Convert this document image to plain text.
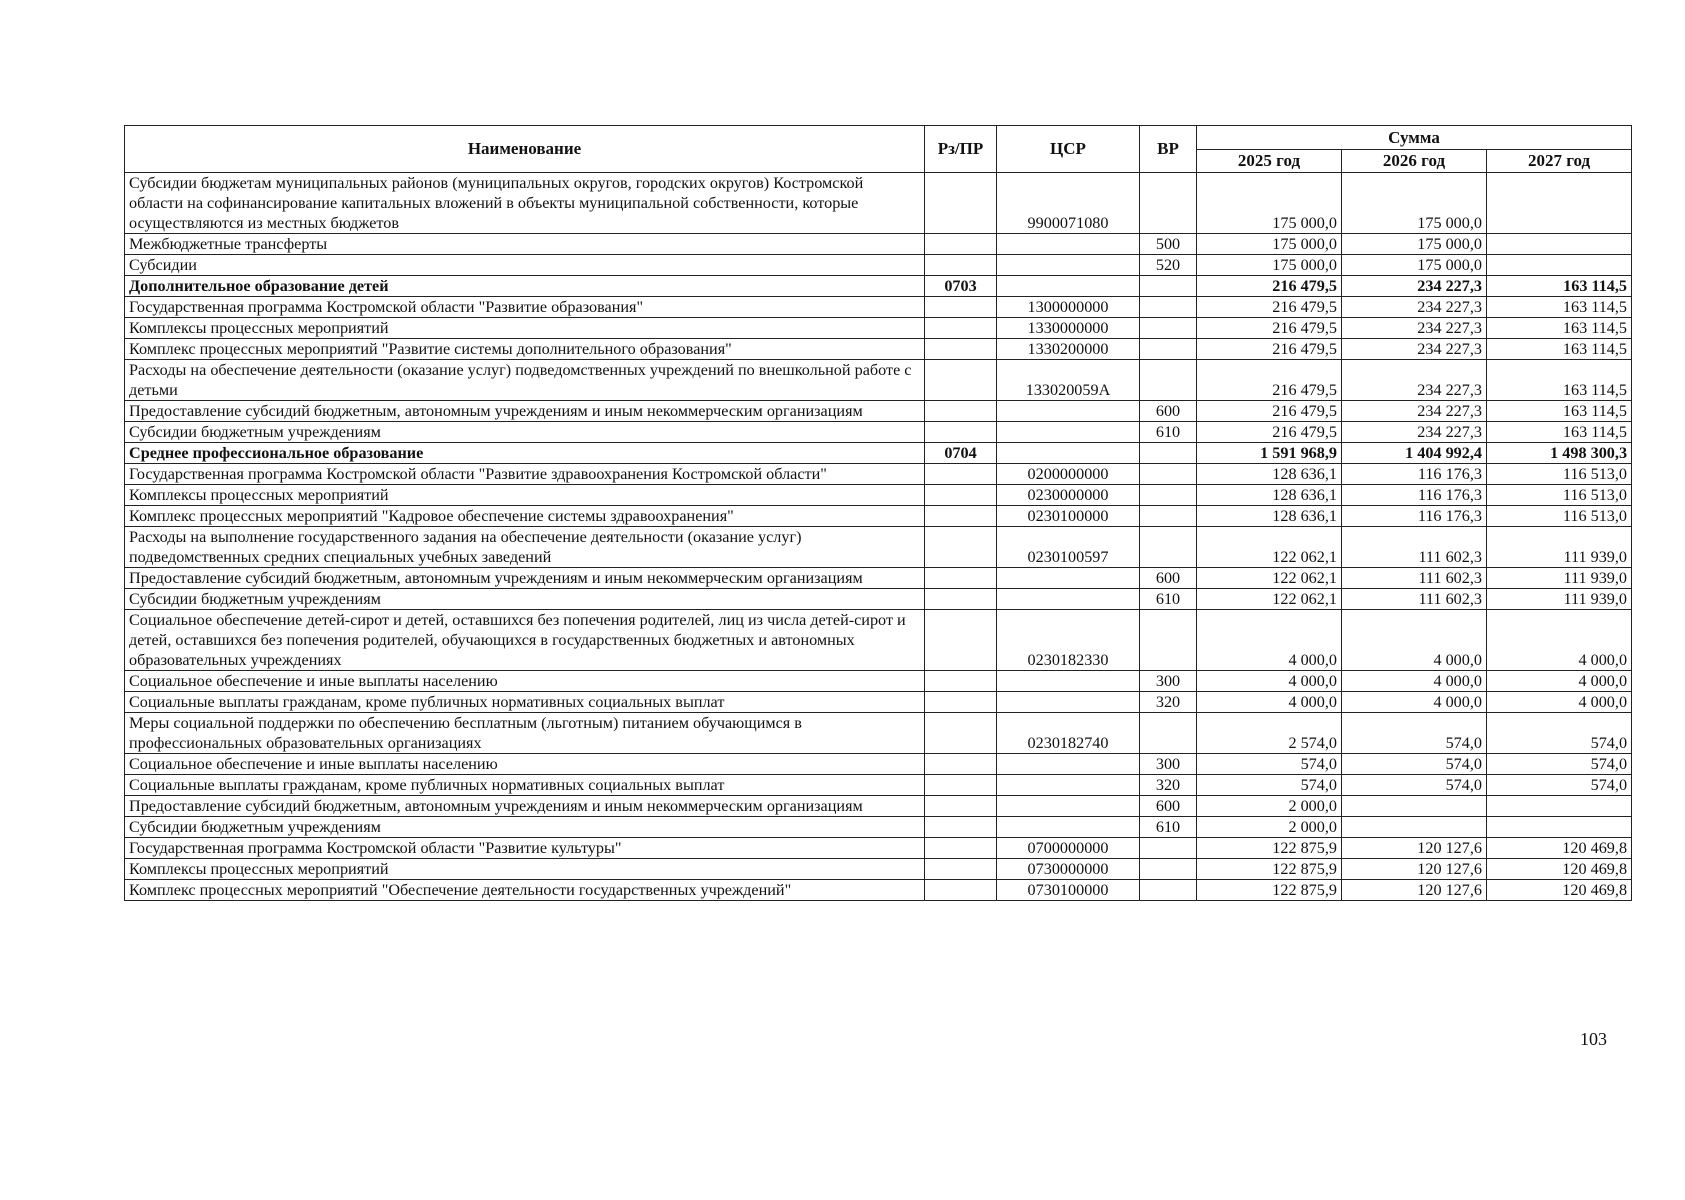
Наименование	Рз/ПР	ЦСР	ВР	Сумма		
				2025 год	2026 год	2027 год
Субсидии бюджетам муниципальных районов (муниципальных округов, городских округов) Костромской области на софинансирование капитальных вложений в объекты муниципальной собственности, которые осуществляются из местных бюджетов		9900071080		175 000,0	175 000,0	
Межбюджетные трансферты			500	175 000,0	175 000,0	
Субсидии			520	175 000,0	175 000,0	
Дополнительное образование детей	0703			216 479,5	234 227,3	163 114,5
Государственная программа Костромской области "Развитие образования"		1300000000		216 479,5	234 227,3	163 114,5
Комплексы процессных мероприятий		1330000000		216 479,5	234 227,3	163 114,5
Комплекс процессных мероприятий "Развитие системы дополнительного образования"		1330200000		216 479,5	234 227,3	163 114,5
Расходы на обеспечение деятельности (оказание услуг) подведомственных учреждений по внешкольной работе с детьми		133020059A		216 479,5	234 227,3	163 114,5
Предоставление субсидий бюджетным, автономным учреждениям и иным некоммерческим организациям			600	216 479,5	234 227,3	163 114,5
Субсидии бюджетным учреждениям			610	216 479,5	234 227,3	163 114,5
Среднее профессиональное образование	0704			1 591 968,9	1 404 992,4	1 498 300,3
Государственная программа Костромской области "Развитие здравоохранения Костромской области"		0200000000		128 636,1	116 176,3	116 513,0
Комплексы процессных мероприятий		0230000000		128 636,1	116 176,3	116 513,0
Комплекс процессных мероприятий "Кадровое обеспечение системы здравоохранения"		0230100000		128 636,1	116 176,3	116 513,0
Расходы на выполнение государственного задания на обеспечение деятельности (оказание услуг) подведомственных средних специальных учебных заведений		0230100597		122 062,1	111 602,3	111 939,0
Предоставление субсидий бюджетным, автономным учреждениям и иным некоммерческим организациям			600	122 062,1	111 602,3	111 939,0
Субсидии бюджетным учреждениям			610	122 062,1	111 602,3	111 939,0
Социальное обеспечение детей-сирот и детей, оставшихся без попечения родителей, лиц из числа детей-сирот и детей, оставшихся без попечения родителей, обучающихся в государственных бюджетных и автономных образовательных учреждениях		0230182330		4 000,0	4 000,0	4 000,0
Социальное обеспечение и иные выплаты населению			300	4 000,0	4 000,0	4 000,0
Социальные выплаты гражданам, кроме публичных нормативных социальных выплат			320	4 000,0	4 000,0	4 000,0
Меры социальной поддержки по обеспечению бесплатным (льготным) питанием обучающимся в профессиональных образовательных организациях		0230182740		2 574,0	574,0	574,0
Социальное обеспечение и иные выплаты населению			300	574,0	574,0	574,0
Социальные выплаты гражданам, кроме публичных нормативных социальных выплат			320	574,0	574,0	574,0
Предоставление субсидий бюджетным, автономным учреждениям и иным некоммерческим организациям			600	2 000,0		
Субсидии бюджетным учреждениям			610	2 000,0		
Государственная программа Костромской области "Развитие культуры"		0700000000		122 875,9	120 127,6	120 469,8
Комплексы процессных мероприятий		0730000000		122 875,9	120 127,6	120 469,8
Комплекс процессных мероприятий "Обеспечение деятельности государственных учреждений"		0730100000		122 875,9	120 127,6	120 469,8
103
